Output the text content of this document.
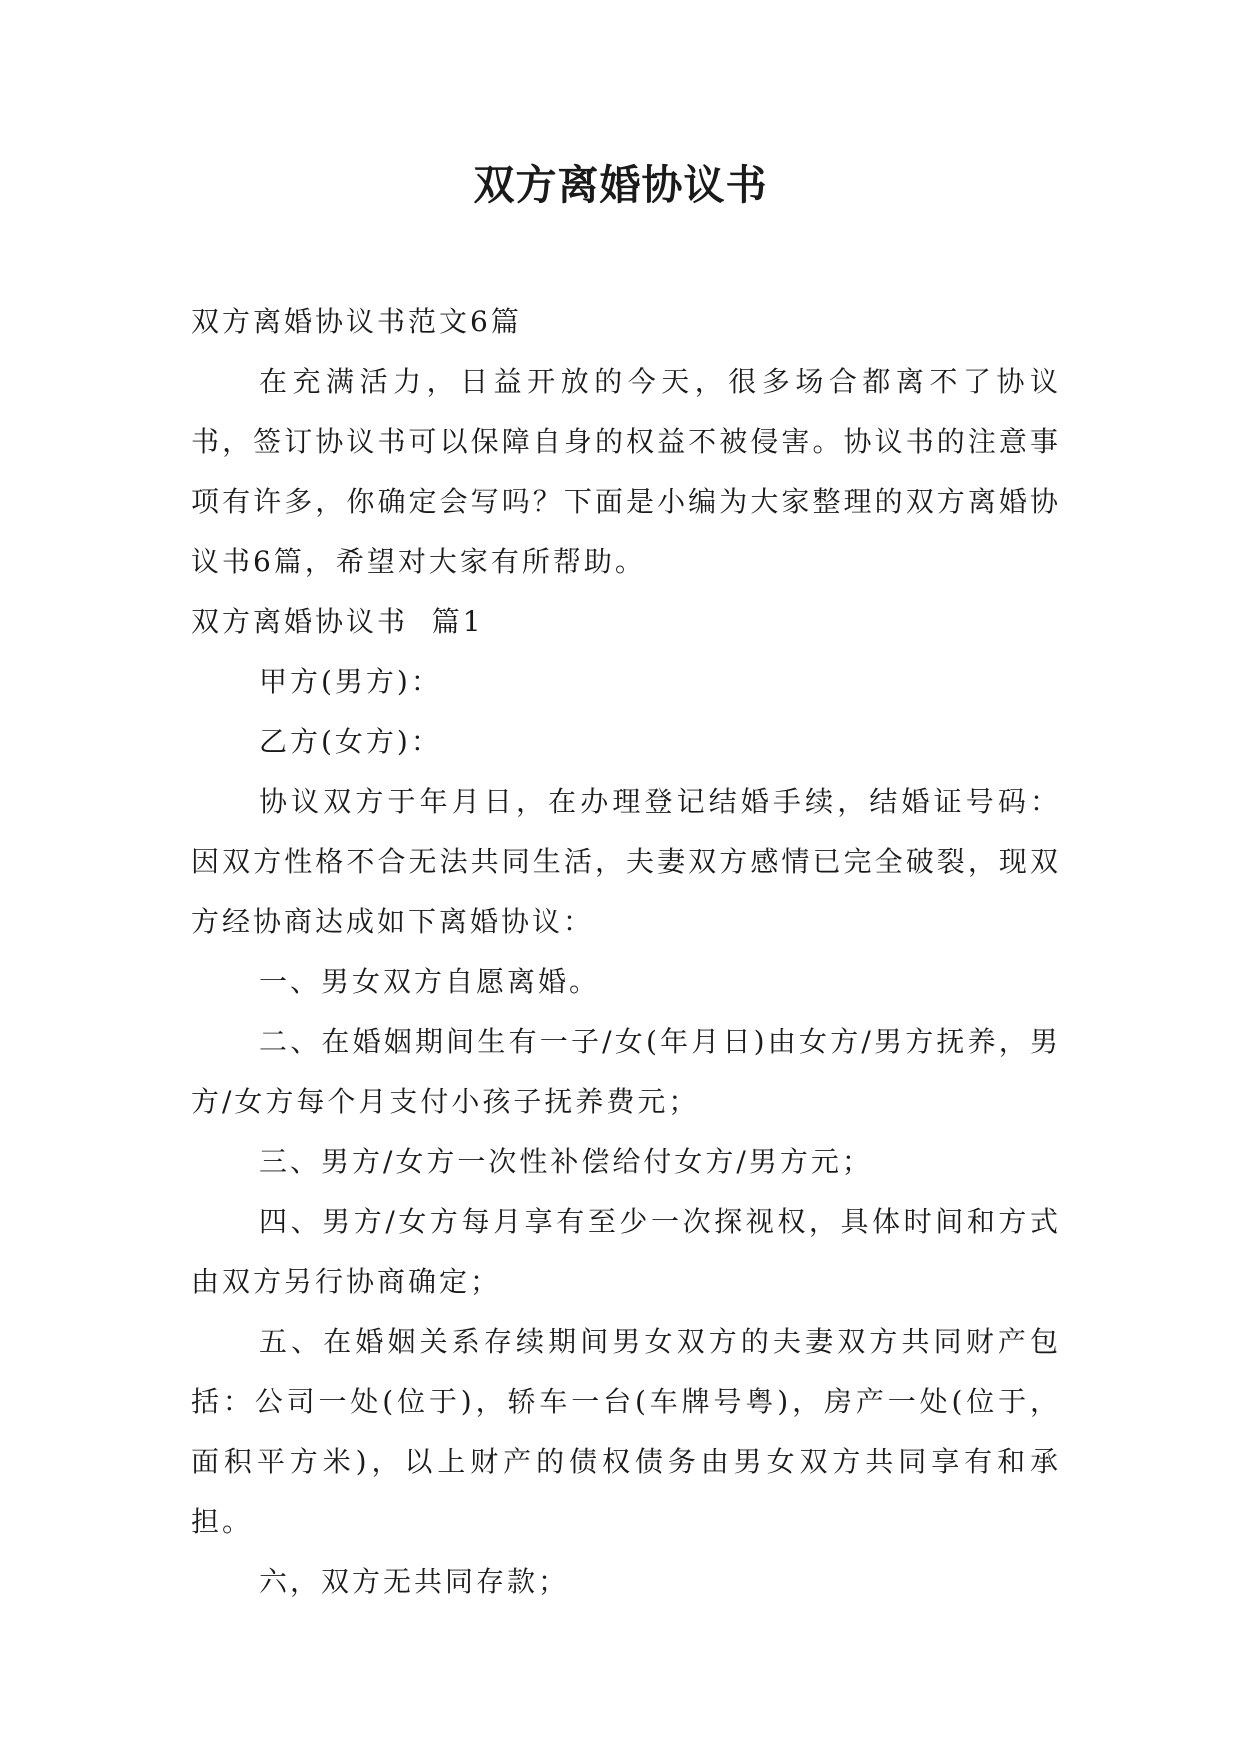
双方离婚协议书

双方离婚协议书范文6篇

在充满活力，日益开放的今天，很多场合都离不了协议书，签订协议书可以保障自身的权益不被侵害。协议书的注意事项有许多，你确定会写吗？下面是小编为大家整理的双方离婚协议书6篇，希望对大家有所帮助。

双方离婚协议书  篇1

甲方(男方)：

乙方(女方)：

协议双方于年月日，在办理登记结婚手续，结婚证号码：因双方性格不合无法共同生活，夫妻双方感情已完全破裂，现双方经协商达成如下离婚协议：

一、男女双方自愿离婚。

二、在婚姻期间生有一子/女(年月日)由女方/男方抚养，男方/女方每个月支付小孩子抚养费元；

三、男方/女方一次性补偿给付女方/男方元；

四、男方/女方每月享有至少一次探视权，具体时间和方式由双方另行协商确定；

五、在婚姻关系存续期间男女双方的夫妻双方共同财产包括：公司一处(位于)，轿车一台(车牌号粤)，房产一处(位于，面积平方米)，以上财产的债权债务由男女双方共同享有和承担。

六，双方无共同存款；
